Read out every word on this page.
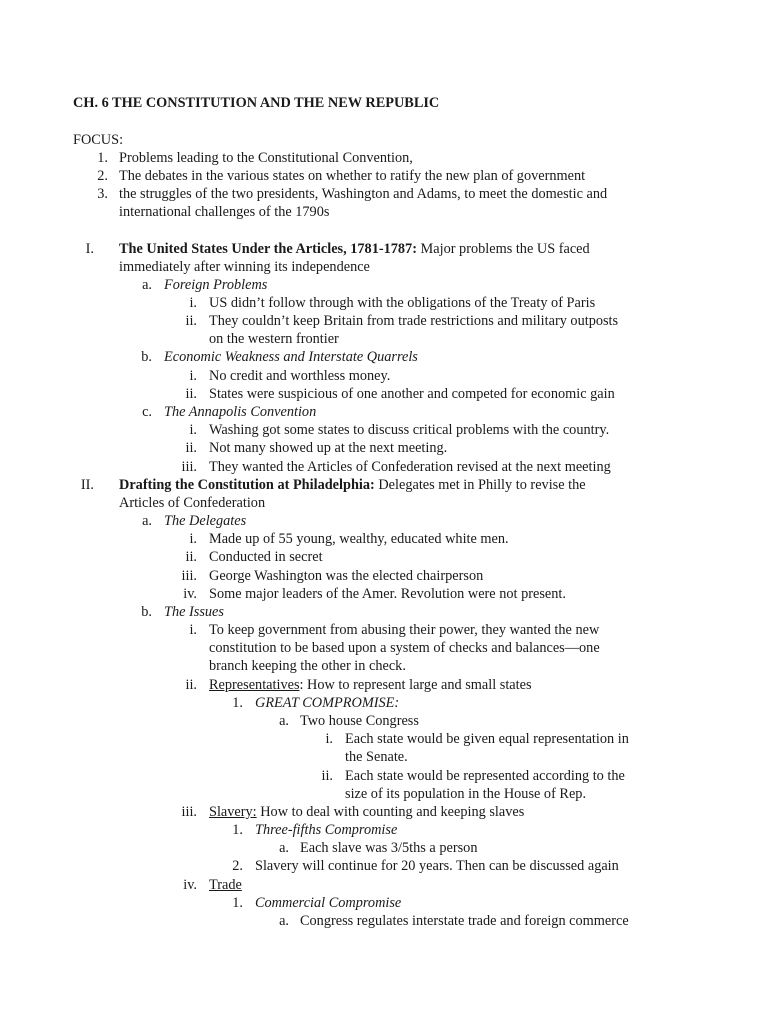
CH. 6 THE CONSTITUTION AND THE NEW REPUBLIC
FOCUS:
1. Problems leading to the Constitutional Convention,
2. The debates in the various states on whether to ratify the new plan of government
3. the struggles of the two presidents, Washington and Adams, to meet the domestic and
international challenges of the 1790s
I. The United States Under the Articles, 1781-1787: Major problems the US faced
immediately after winning its independence
a. Foreign Problems
i. US didn’t follow through with the obligations of the Treaty of Paris
ii. They couldn’t keep Britain from trade restrictions and military outposts
on the western frontier
b. Economic Weakness and Interstate Quarrels
i. No credit and worthless money.
ii. States were suspicious of one another and competed for economic gain
c. The Annapolis Convention
i. Washing got some states to discuss critical problems with the country.
ii. Not many showed up at the next meeting.
iii. They wanted the Articles of Confederation revised at the next meeting
II. Drafting the Constitution at Philadelphia: Delegates met in Philly to revise the
Articles of Confederation
a. The Delegates
i. Made up of 55 young, wealthy, educated white men.
ii. Conducted in secret
iii. George Washington was the elected chairperson
iv. Some major leaders of the Amer. Revolution were not present.
b. The Issues
i. To keep government from abusing their power, they wanted the new
constitution to be based upon a system of checks and balances—one
branch keeping the other in check.
ii. Representatives: How to represent large and small states
1. GREAT COMPROMISE:
a. Two house Congress
i. Each state would be given equal representation in
the Senate.
ii. Each state would be represented according to the
size of its population in the House of Rep.
iii. Slavery: How to deal with counting and keeping slaves
1. Three-fifths Compromise
a. Each slave was 3/5ths a person
2. Slavery will continue for 20 years. Then can be discussed again
iv. Trade
1. Commercial Compromise
a. Congress regulates interstate trade and foreign commerce
